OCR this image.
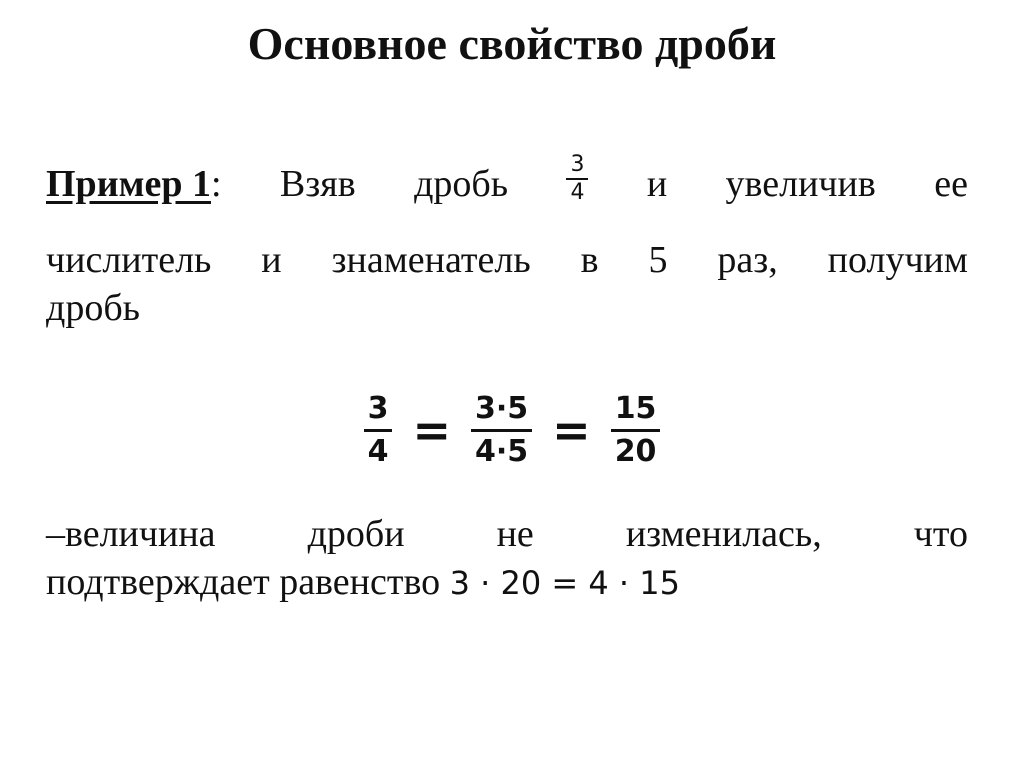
Основное свойство дроби
Пример 1: Взяв дробь	$\frac{3}{4}$ и увеличив ее
числитель и знаменатель в 5 раз, получим
дробь
$\frac{3}{4} = \frac{3\cdot 5}{4\cdot 5} = \frac{15}{20}$
–величина дроби не изменилась, что
подтверждает равенство 3 · 20 = 4 · 15
